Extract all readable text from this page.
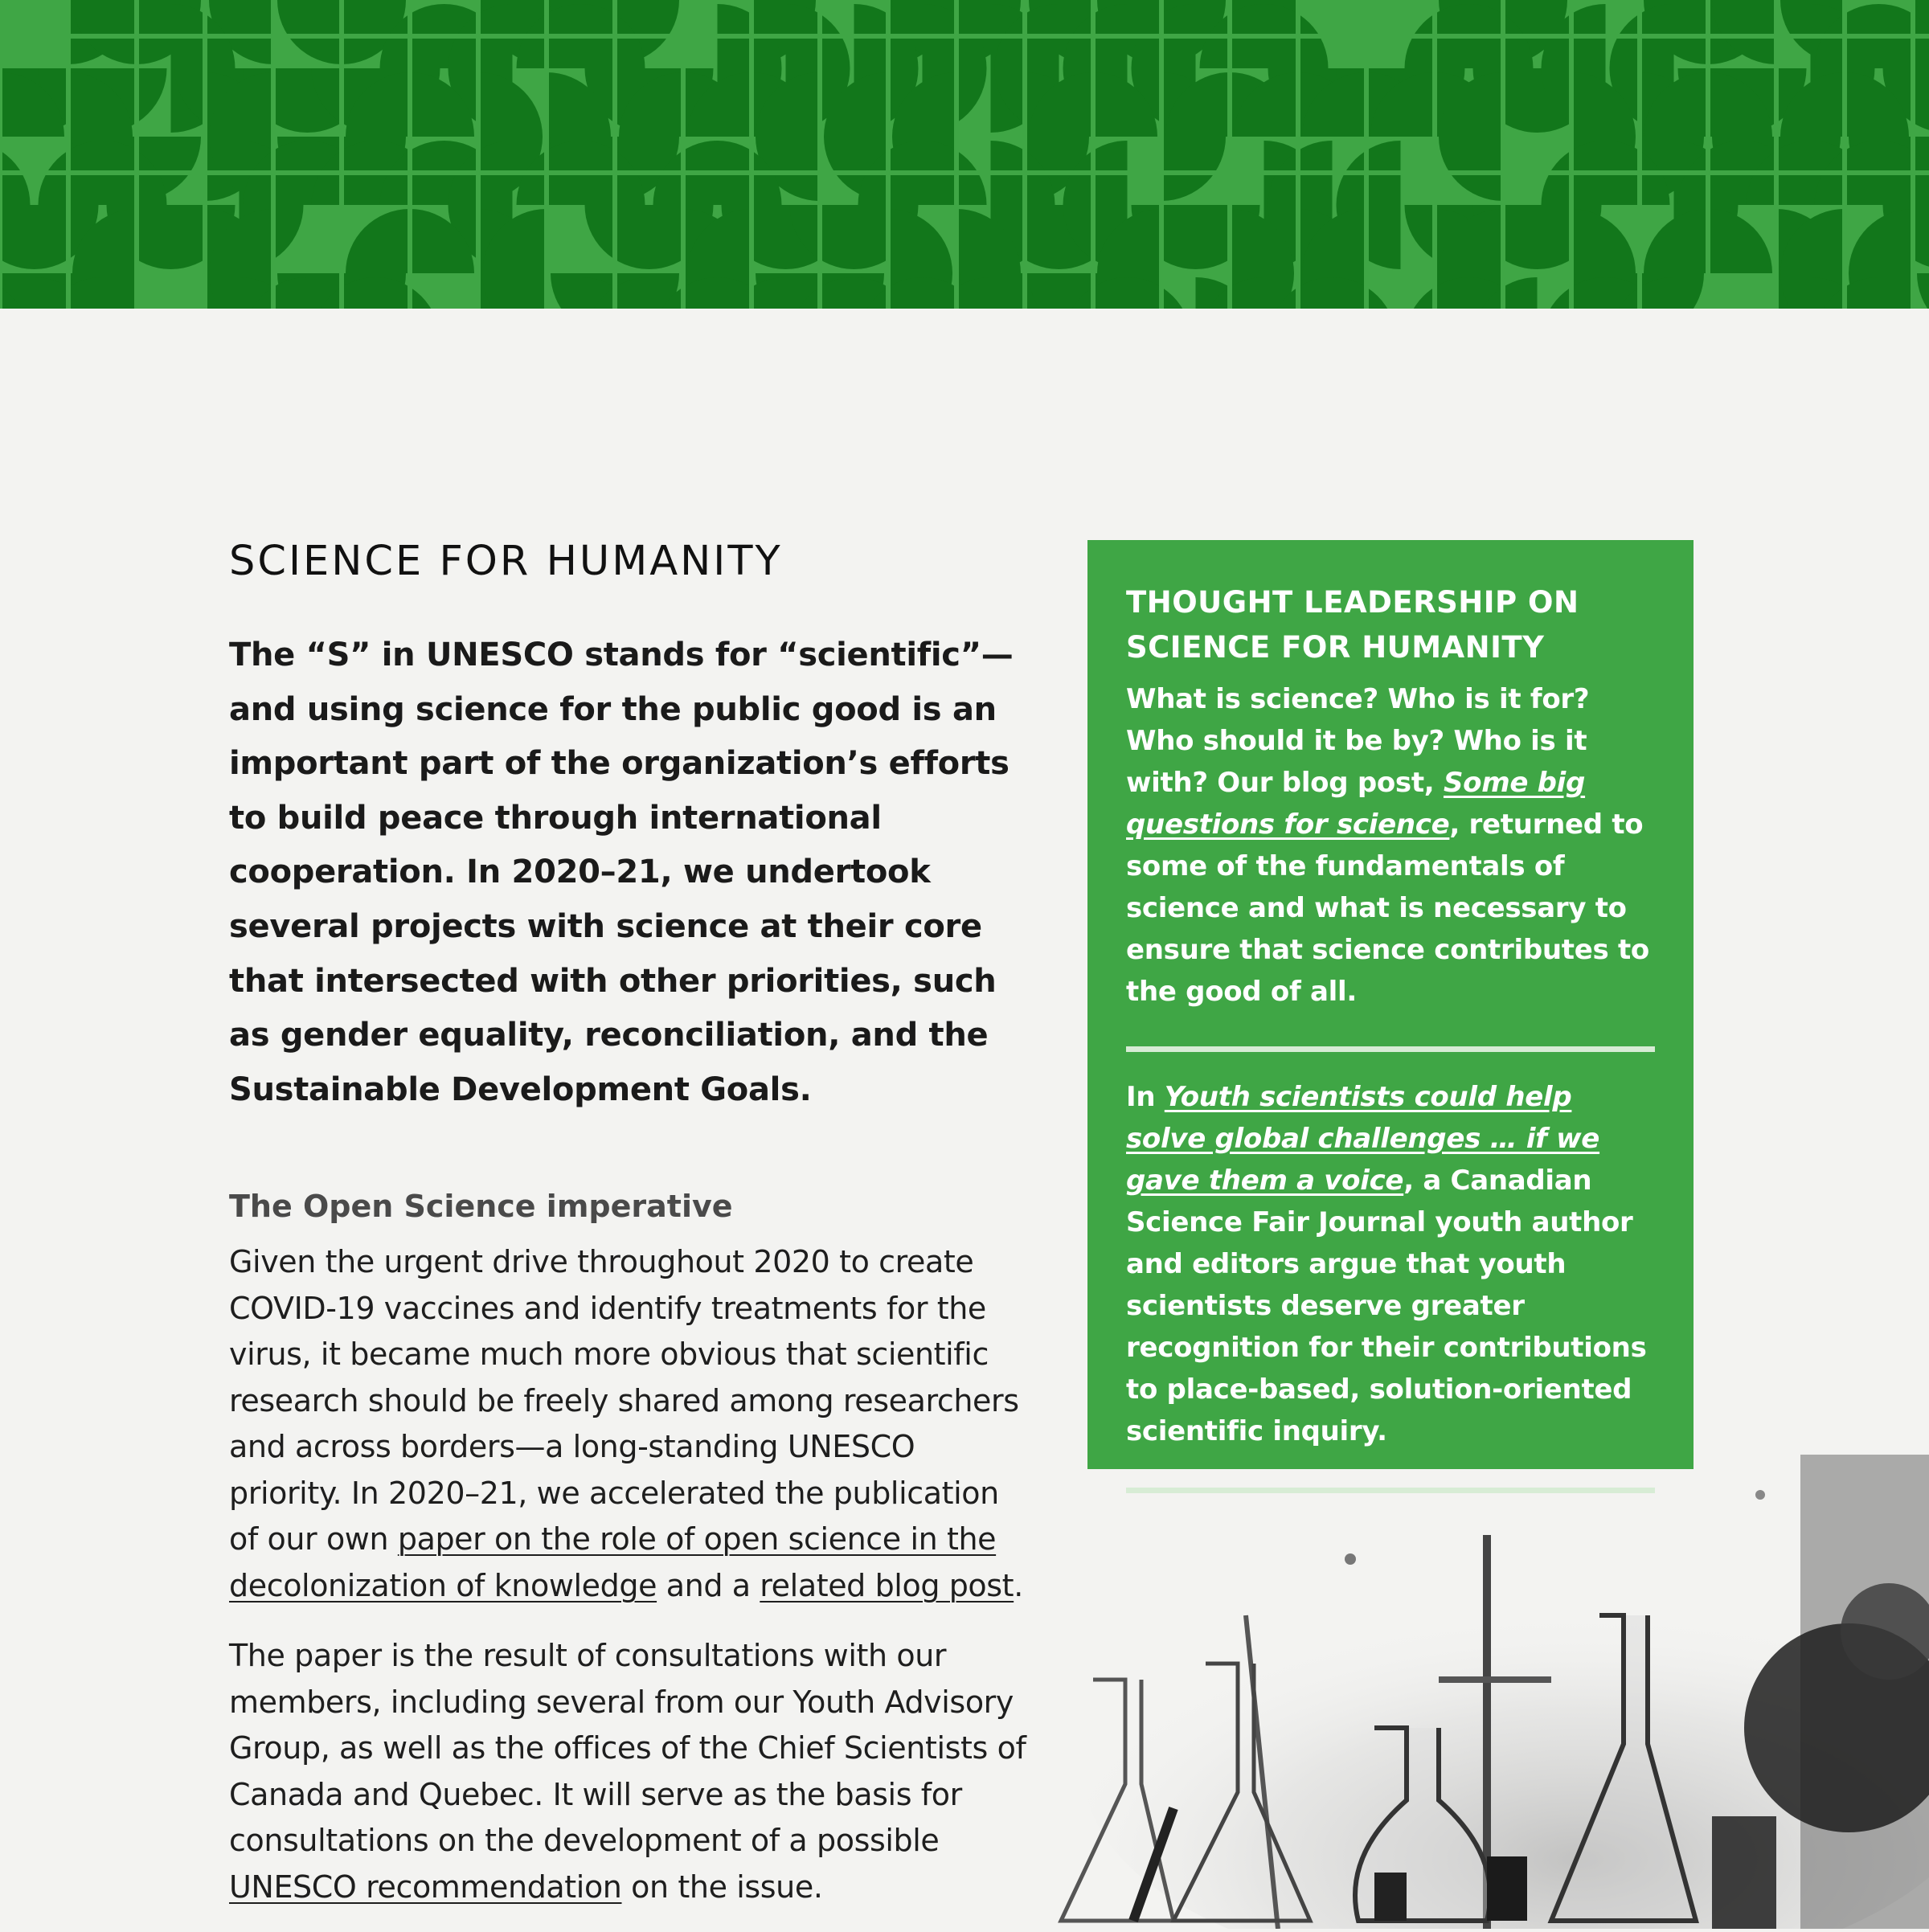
SCIENCE FOR HUMANITY

The “S” in UNESCO stands for “scientific”—and using science for the public good is an important part of the organization’s efforts to build peace through international cooperation. In 2020–21, we undertook several projects with science at their core that intersected with other priorities, such as gender equality, reconciliation, and the Sustainable Development Goals.

The Open Science imperative

Given the urgent drive throughout 2020 to create COVID-19 vaccines and identify treatments for the virus, it became much more obvious that scientific research should be freely shared among researchers and across borders—a long-standing UNESCO priority. In 2020–21, we accelerated the publication of our own paper on the role of open science in the decolonization of knowledge and a related blog post.

The paper is the result of consultations with our members, including several from our Youth Advisory Group, as well as the offices of the Chief Scientists of Canada and Quebec. It will serve as the basis for consultations on the development of a possible UNESCO recommendation on the issue.

THOUGHT LEADERSHIP ON SCIENCE FOR HUMANITY

What is science? Who is it for? Who should it be by? Who is it with? Our blog post, Some big questions for science, returned to some of the fundamentals of science and what is necessary to ensure that science contributes to the good of all.

In Youth scientists could help solve global challenges … if we gave them a voice, a Canadian Science Fair Journal youth author and editors argue that youth scientists deserve greater recognition for their contributions to place-based, solution-oriented scientific inquiry.
